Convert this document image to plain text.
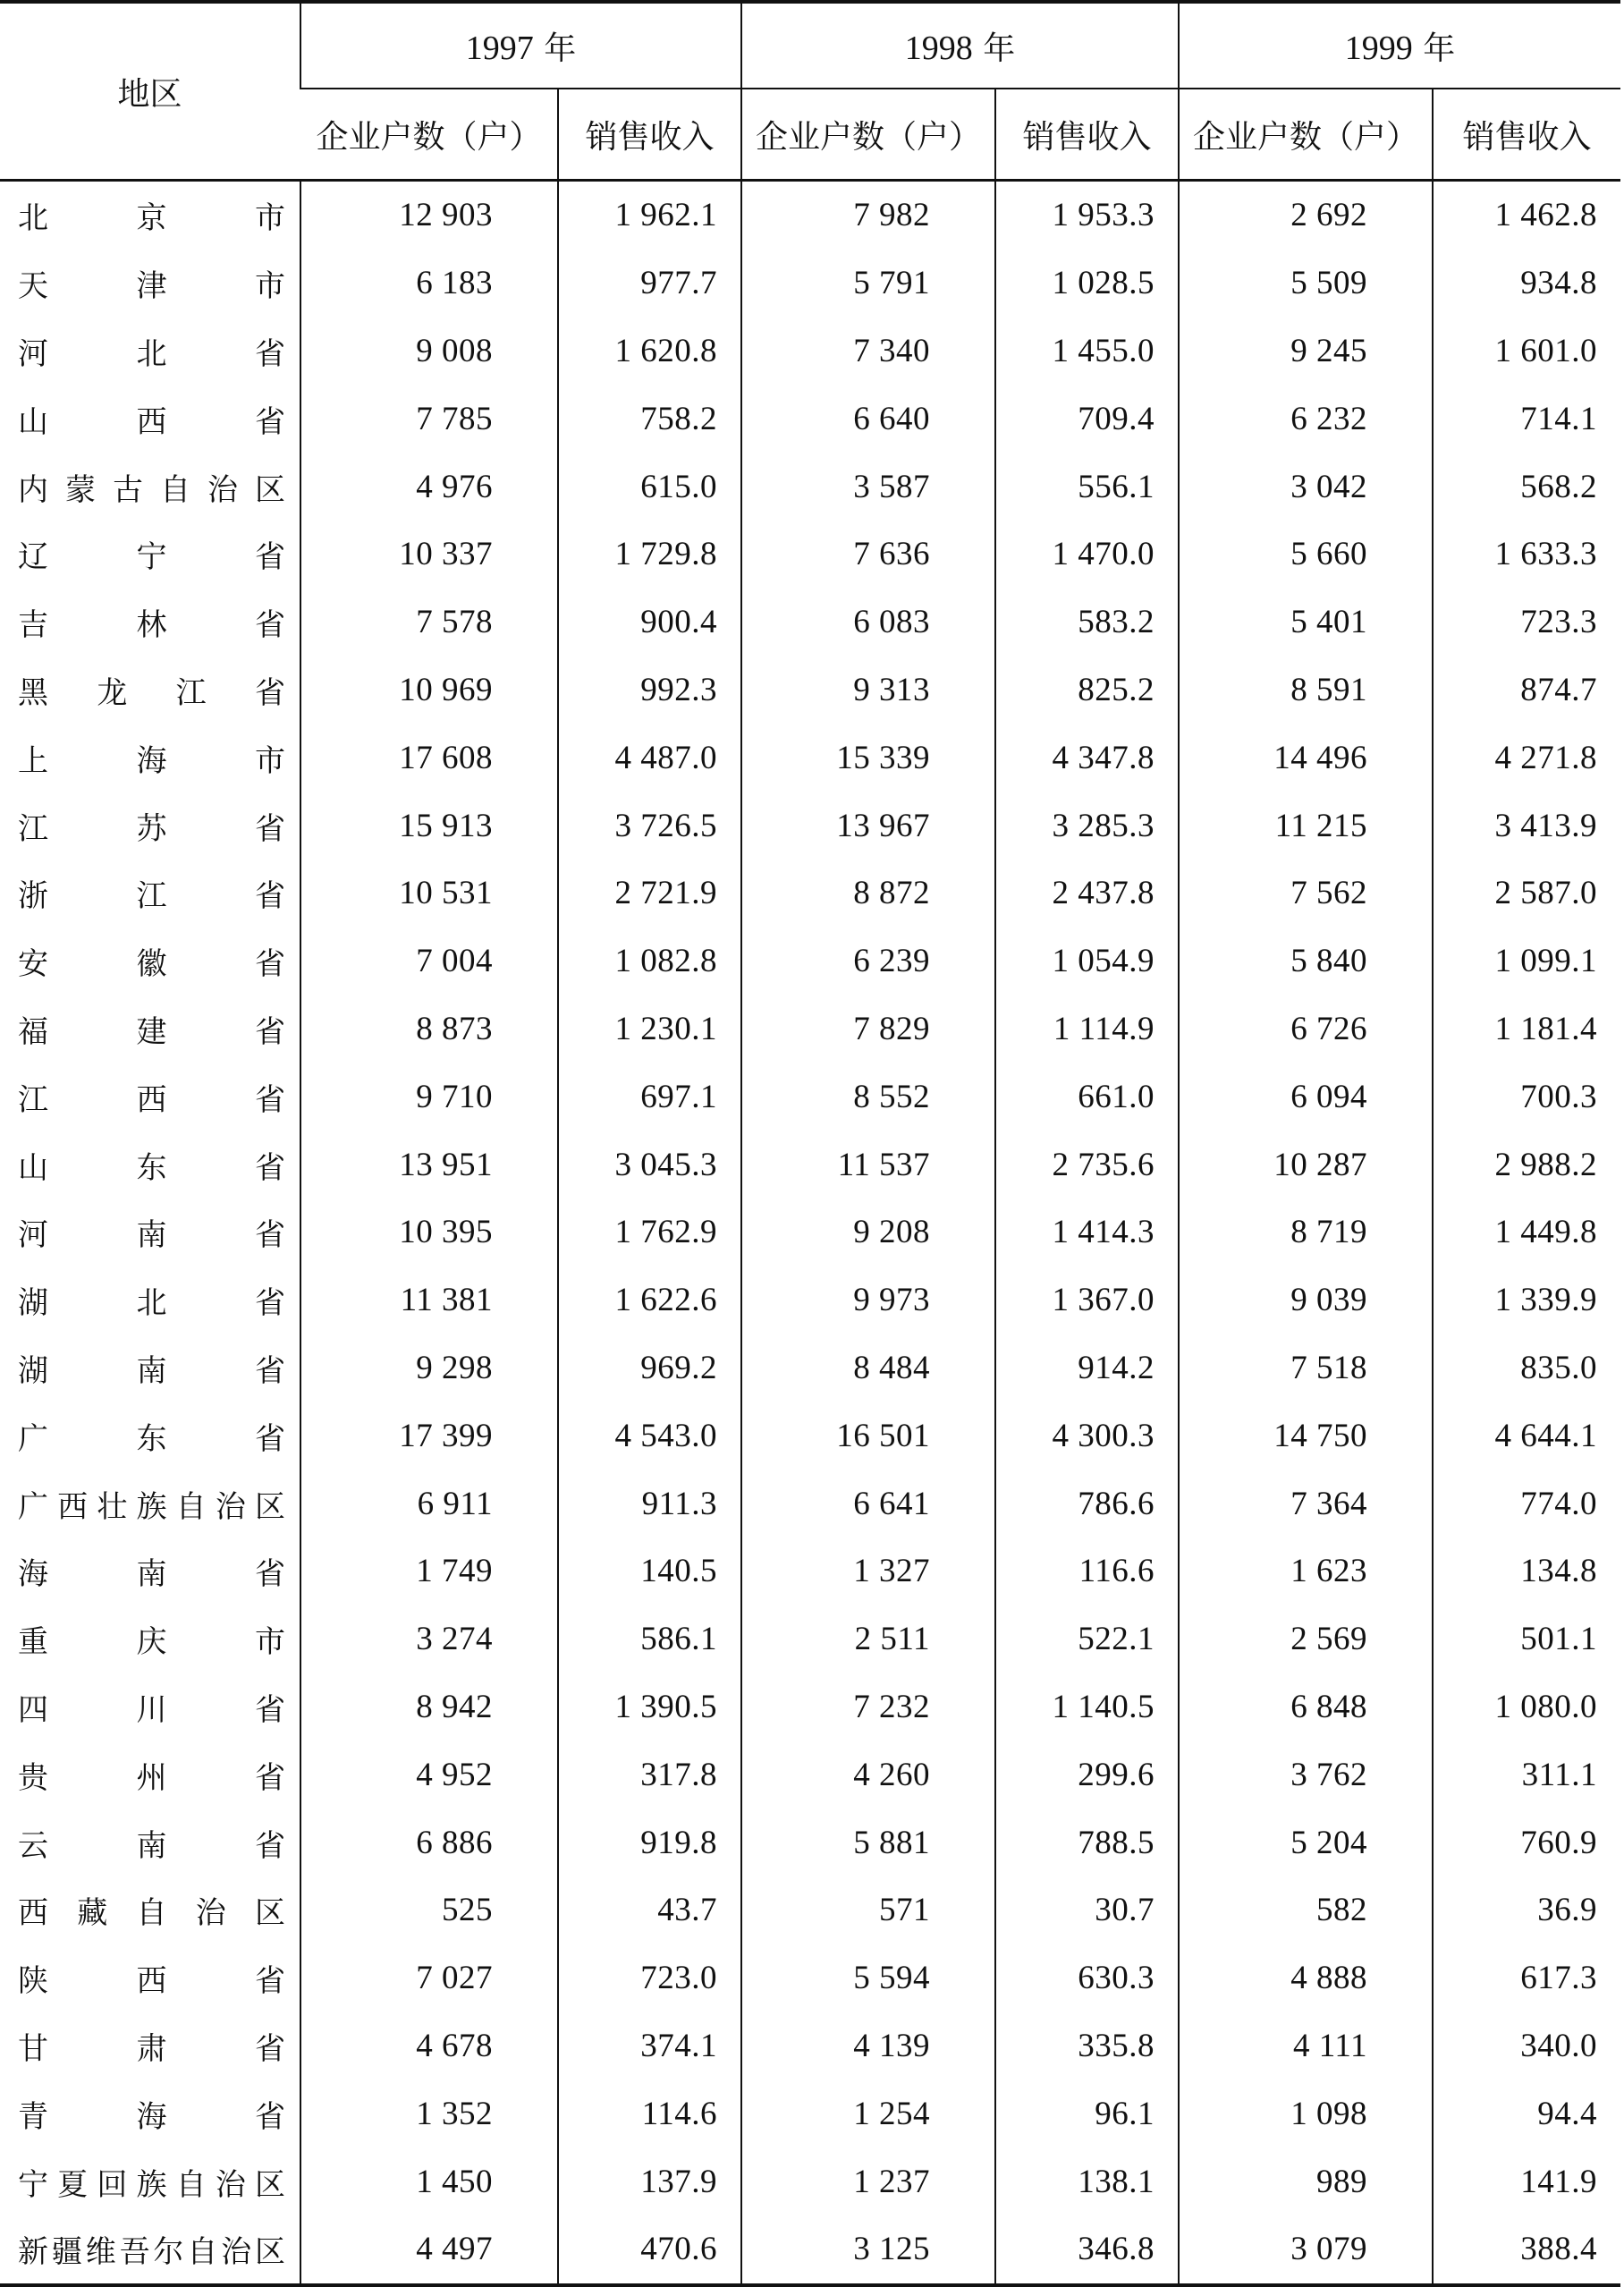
地区	1997 年		1998 年		1999 年	
	企业户数（户）	销售收入	企业户数（户）	销售收入	企业户数（户）	销售收入

北京市	12 903	1 962.1	7 982	1 953.3	2 692	1 462.8

天津市	6 183	977.7	5 791	1 028.5	5 509	934.8

河北省	9 008	1 620.8	7 340	1 455.0	9 245	1 601.0

山西省	7 785	758.2	6 640	709.4	6 232	714.1

内蒙古自治区	4 976	615.0	3 587	556.1	3 042	568.2

辽宁省	10 337	1 729.8	7 636	1 470.0	5 660	1 633.3

吉林省	7 578	900.4	6 083	583.2	5 401	723.3

黑龙江省	10 969	992.3	9 313	825.2	8 591	874.7

上海市	17 608	4 487.0	15 339	4 347.8	14 496	4 271.8

江苏省	15 913	3 726.5	13 967	3 285.3	11 215	3 413.9

浙江省	10 531	2 721.9	8 872	2 437.8	7 562	2 587.0

安徽省	7 004	1 082.8	6 239	1 054.9	5 840	1 099.1

福建省	8 873	1 230.1	7 829	1 114.9	6 726	1 181.4

江西省	9 710	697.1	8 552	661.0	6 094	700.3

山东省	13 951	3 045.3	11 537	2 735.6	10 287	2 988.2

河南省	10 395	1 762.9	9 208	1 414.3	8 719	1 449.8

湖北省	11 381	1 622.6	9 973	1 367.0	9 039	1 339.9

湖南省	9 298	969.2	8 484	914.2	7 518	835.0

广东省	17 399	4 543.0	16 501	4 300.3	14 750	4 644.1

广西壮族自治区	6 911	911.3	6 641	786.6	7 364	774.0

海南省	1 749	140.5	1 327	116.6	1 623	134.8

重庆市	3 274	586.1	2 511	522.1	2 569	501.1

四川省	8 942	1 390.5	7 232	1 140.5	6 848	1 080.0

贵州省	4 952	317.8	4 260	299.6	3 762	311.1

云南省	6 886	919.8	5 881	788.5	5 204	760.9

西藏自治区	525	43.7	571	30.7	582	36.9

陕西省	7 027	723.0	5 594	630.3	4 888	617.3

甘肃省	4 678	374.1	4 139	335.8	4 111	340.0

青海省	1 352	114.6	1 254	96.1	1 098	94.4

宁夏回族自治区	1 450	137.9	1 237	138.1	989	141.9

新疆维吾尔自治区	4 497	470.6	3 125	346.8	3 079	388.4
